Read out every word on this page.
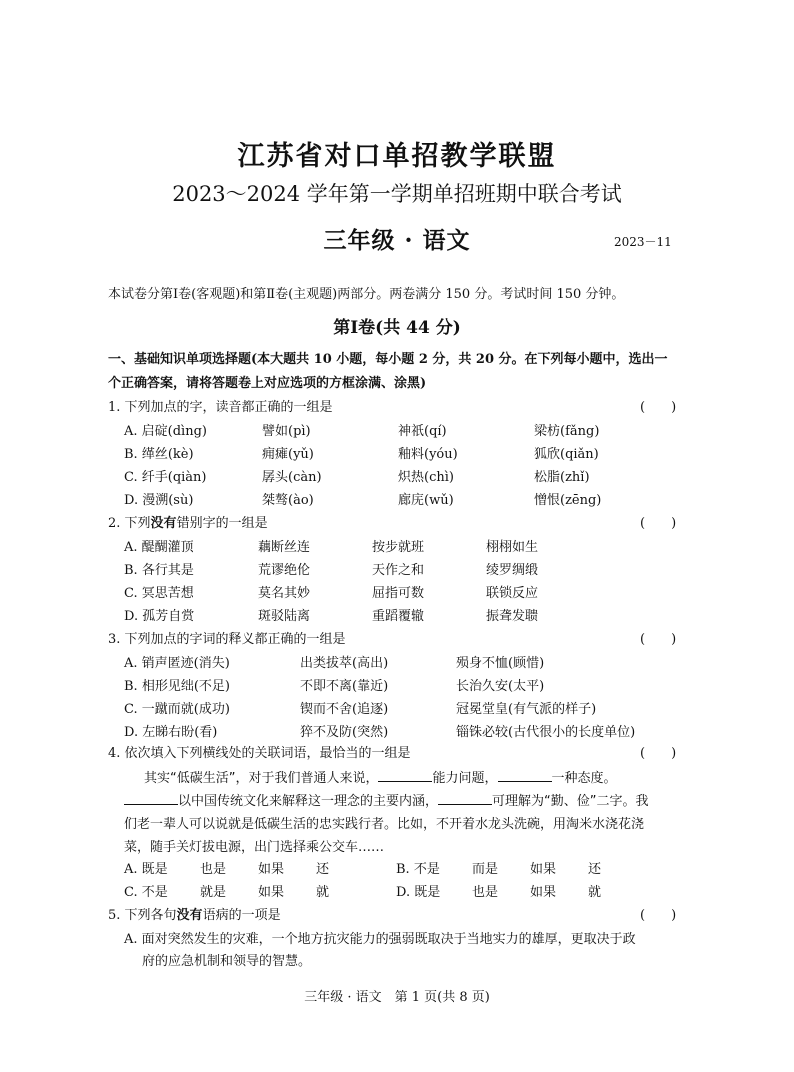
江苏省对口单招教学联盟
2023～2024 学年第一学期单招班期中联合考试
三年级 · 语文	2023－11
本试卷分第Ⅰ卷(客观题)和第Ⅱ卷(主观题)两部分。两卷满分 150 分。考试时间 150 分钟。
第Ⅰ卷(共 44 分)
一、基础知识单项选择题(本大题共 10 小题，每小题 2 分，共 20 分。在下列每小题中，选出一
个正确答案，请将答题卷上对应选项的方框涂满、涂黑)
1. 下列加点的字，读音都正确的一组是	(　　)
A. 启碇(dìng)	譬如(pì)	神祇(qí)	梁枋(fǎng)
B. 缂丝(kè)	痈瘫(yǔ)	釉料(yóu)	狐欣(qiǎn)
C. 纤手(qiàn)	孱头(càn)	炽热(chì)	松脂(zhǐ)
D. 漫溯(sù)	桀骜(ào)	廊庑(wǔ)	憎恨(zēng)
2. 下列没有错别字的一组是	(　　)
A. 醍醐灌顶	藕断丝连	按步就班	栩栩如生
B. 各行其是	荒谬绝伦	天作之和	绫罗绸缎
C. 冥思苦想	莫名其妙	屈指可数	联锁反应
D. 孤芳自赏	斑驳陆离	重蹈覆辙	振聋发聩
3. 下列加点的字词的释义都正确的一组是	(　　)
A. 销声匿迹(消失)	出类拔萃(高出)	殒身不恤(顾惜)
B. 相形见绌(不足)	不即不离(靠近)	长治久安(太平)
C. 一蹴而就(成功)	锲而不舍(追逐)	冠冕堂皇(有气派的样子)
D. 左睇右盼(看)	猝不及防(突然)	锱铢必较(古代很小的长度单位)
4. 依次填入下列横线处的关联词语，最恰当的一组是	(　　)
其实“低碳生活”，对于我们普通人来说，	能力问题，	一种态度。
以中国传统文化来解释这一理念的主要内涵，	可理解为“勤、俭”二字。我
们老一辈人可以说就是低碳生活的忠实践行者。比如，不开着水龙头洗碗，用淘米水浇花浇
菜，随手关灯拔电源，出门选择乘公交车……
A. 既是 也是 如果 还	B. 不是 而是 如果 还
C. 不是 就是 如果 就	D. 既是 也是 如果 就
5. 下列各句没有语病的一项是	(　　)
A. 面对突然发生的灾难，一个地方抗灾能力的强弱既取决于当地实力的雄厚，更取决于政
府的应急机制和领导的智慧。
三年级 · 语文　第 1 页(共 8 页)
